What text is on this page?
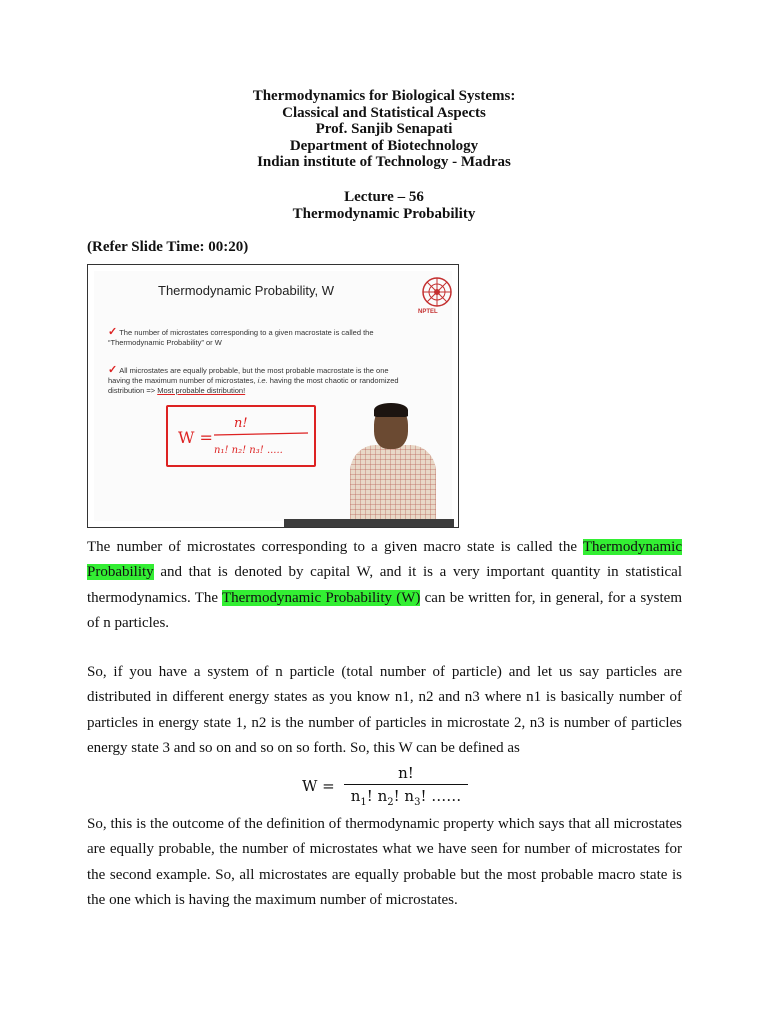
Thermodynamics for Biological Systems:
Classical and Statistical Aspects
Prof. Sanjib Senapati
Department of Biotechnology
Indian institute of Technology - Madras
Lecture – 56
Thermodynamic Probability
(Refer Slide Time: 00:20)
Thermodynamic Probability, W
NPTEL
✓ The number of microstates corresponding to a given macrostate is called the
“Thermodynamic Probability” or W
✓ All microstates are equally probable, but the most probable macrostate is the one having the maximum number of microstates, i.e. having the most chaotic or randomized distribution => Most probable distribution!
W =
n!
n₁! n₂! n₃! .....
The number of microstates corresponding to a given macro state is called the Thermodynamic Probability and that is denoted by capital W, and it is a very important quantity in statistical thermodynamics. The Thermodynamic Probability (W) can be written for, in general, for a system of n particles.
So, if you have a system of n particle (total number of particle) and let us say particles are distributed in different energy states as you know n1, n2 and n3 where n1 is basically number of particles in energy state 1, n2 is the number of particles in microstate 2, n3 is number of particles energy state 3 and so on and so on so forth. So, this W can be defined as
W =
n!
$n_1$! $n_2$! $n_3$! ……
So, this is the outcome of the definition of thermodynamic property which says that all microstates are equally probable, the number of microstates what we have seen for number of microstates for the second example. So, all microstates are equally probable but the most probable macro state is the one which is having the maximum number of microstates.
